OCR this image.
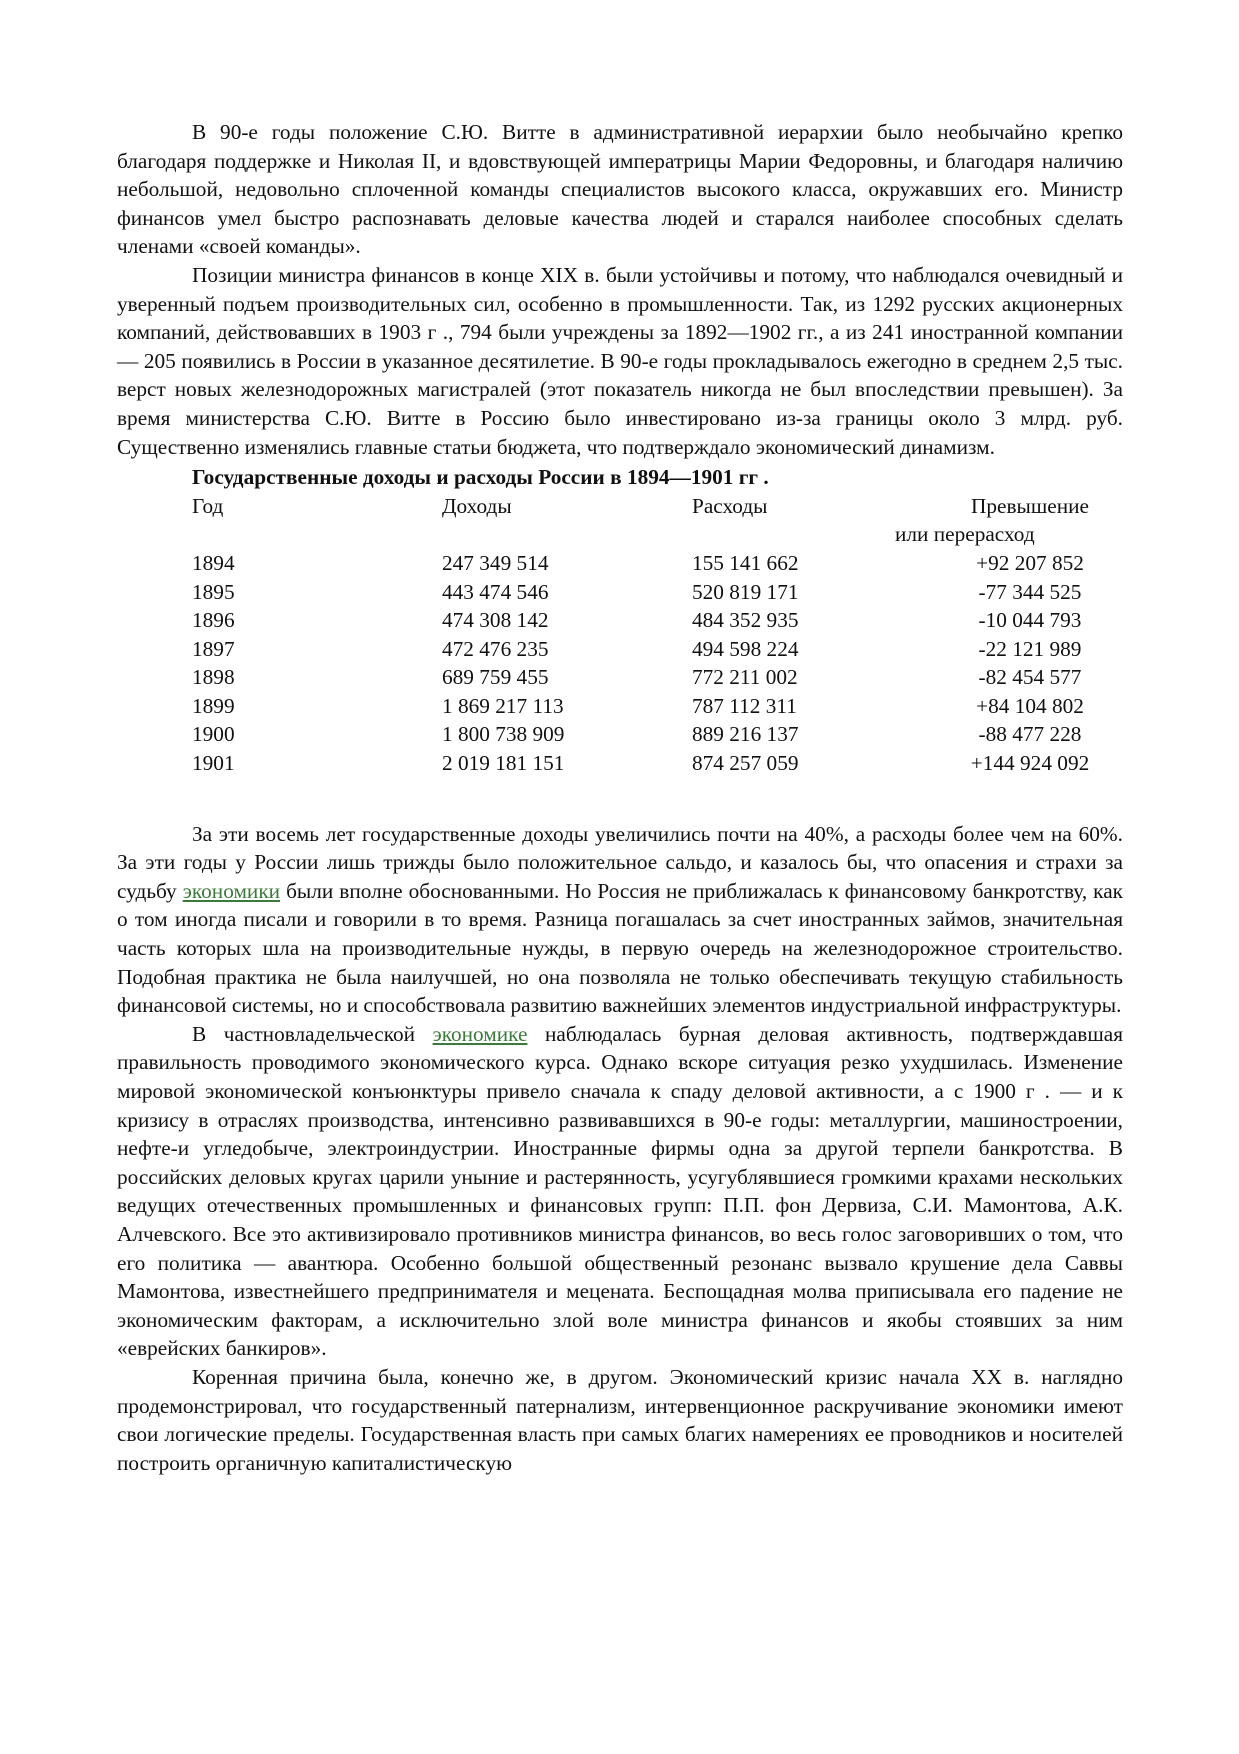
В 90-е годы положение С.Ю. Витте в административной иерархии было необычайно крепко благодаря поддержке и Николая II, и вдовствующей императрицы Марии Федоровны, и благодаря наличию небольшой, недовольно сплоченной команды специалистов высокого класса, окружавших его. Министр финансов умел быстро распознавать деловые качества людей и старался наиболее способных сделать членами «своей команды».

Позиции министра финансов в конце XIX в. были устойчивы и потому, что наблюдался очевидный и уверенный подъем производительных сил, особенно в промышленности. Так, из 1292 русских акционерных компаний, действовавших в 1903 г ., 794 были учреждены за 1892—1902 гг., а из 241 иностранной компании — 205 появились в России в указанное десятилетие. В 90-е годы прокладывалось ежегодно в среднем 2,5 тыс. верст новых железнодорожных магистралей (этот показатель никогда не был впоследствии превышен). За время министерства С.Ю. Витте в Россию было инвестировано из-за границы около 3 млрд. руб. Существенно изменялись главные статьи бюджета, что подтверждало экономический динамизм.

Государственные доходы и расходы России в 1894—1901 гг .
Год	Доходы	Расходы	Превышение

			или перерасход
1894	247 349 514	155 141 662	+92 207 852
1895	443 474 546	520 819 171	-77 344 525
1896	474 308 142	484 352 935	-10 044 793
1897	472 476 235	494 598 224	-22 121 989
1898	689 759 455	772 211 002	-82 454 577
1899	1 869 217 113	787 112 311	+84 104 802
1900	1 800 738 909	889 216 137	-88 477 228
1901	2 019 181 151	874 257 059	+144 924 092

За эти восемь лет государственные доходы увеличились почти на 40%, а расходы более чем на 60%. За эти годы у России лишь трижды было положительное сальдо, и казалось бы, что опасения и страхи за судьбу экономики были вполне обоснованными. Но Россия не приближалась к финансовому банкротству, как о том иногда писали и говорили в то время. Разница погашалась за счет иностранных займов, значительная часть которых шла на производительные нужды, в первую очередь на железнодорожное строительство. Подобная практика не была наилучшей, но она позволяла не только обеспечивать текущую стабильность финансовой системы, но и способствовала развитию важнейших элементов индустриальной инфраструктуры.

В частновладельческой экономике наблюдалась бурная деловая активность, подтверждавшая правильность проводимого экономического курса. Однако вскоре ситуация резко ухудшилась. Изменение мировой экономической конъюнктуры привело сначала к спаду деловой активности, а с 1900 г . — и к кризису в отраслях производства, интенсивно развивавшихся в 90-е годы: металлургии, машиностроении, нефте-и угледобыче, электроиндустрии. Иностранные фирмы одна за другой терпели банкротства. В российских деловых кругах царили уныние и растерянность, усугублявшиеся громкими крахами нескольких ведущих отечественных промышленных и финансовых групп: П.П. фон Дервиза, С.И. Мамонтова, А.К. Алчевского. Все это активизировало противников министра финансов, во весь голос заговоривших о том, что его политика — авантюра. Особенно большой общественный резонанс вызвало крушение дела Саввы Мамонтова, известнейшего предпринимателя и мецената. Беспощадная молва приписывала его падение не экономическим факторам, а исключительно злой воле министра финансов и якобы стоявших за ним «еврейских банкиров».

Коренная причина была, конечно же, в другом. Экономический кризис начала XX в. наглядно продемонстрировал, что государственный патернализм, интервенционное раскручивание экономики имеют свои логические пределы. Государственная власть при самых благих намерениях ее проводников и носителей построить органичную капиталистическую
